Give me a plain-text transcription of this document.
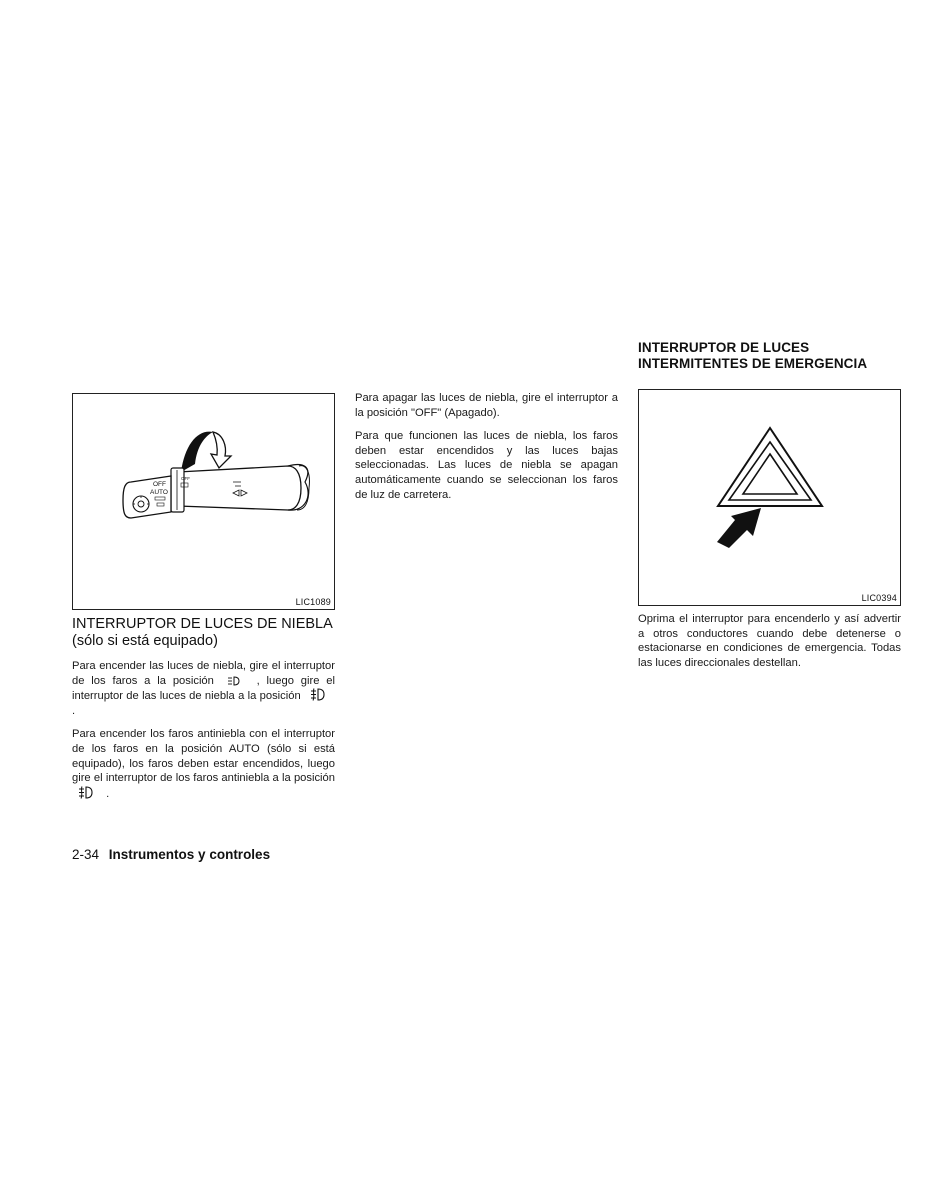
OFF
AUTO
OFF
LIC1089
INTERRUPTOR DE LUCES DE NIEBLA (sólo si está equipado)

Para encender las luces de niebla, gire el interruptor de los faros a la posición	, luego gire el interruptor de las luces de niebla a la posición  .

Para encender los faros antiniebla con el interruptor de los faros en la posición AUTO (sólo si está equipado), los faros deben estar encendidos, luego gire el interruptor de los faros antiniebla a la posición  .

Para apagar las luces de niebla, gire el interruptor a la posición "OFF" (Apagado).

Para que funcionen las luces de niebla, los faros deben estar encendidos y las luces bajas seleccionadas. Las luces de niebla se apagan automáticamente cuando se seleccionan los faros de luz de carretera.

INTERRUPTOR DE LUCES
INTERMITENTES DE EMERGENCIA
LIC0394

Oprima el interruptor para encenderlo y así advertir a otros conductores cuando debe detenerse o estacionarse en condiciones de emergencia. Todas las luces direccionales destellan.

2-34 Instrumentos y controles
